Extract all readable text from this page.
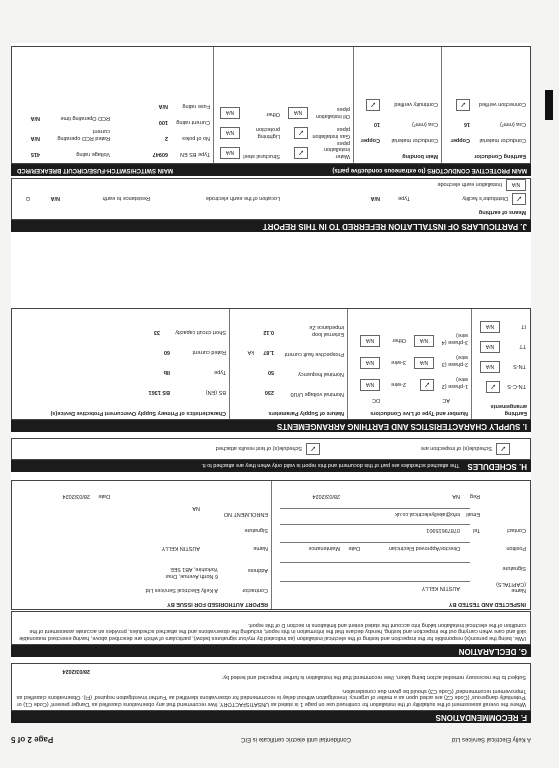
A Kelly Electrical Services Ltd
Confidential until electric certificate is EIC
Page 2 of 5
F. RECOMMENDATIONS
Where the overall assessment of the suitability of the installation for continued use on page 1 is stated as UNSATISFACTORY, I/we recommend that any observations classified as 'Danger present' (Code C1) or 'Potentially dangerous' (Code C2) are acted upon as a matter of urgency. Investigation without delay is recommended for observations identified as 'Further investigation required' (FI). Observations classified as 'Improvement recommended' (Code C3) should be given due consideration.
Subject to the necessary remedial action being taken, I/we recommend that the installation is further inspected and tested by:
28/03/2024
G. DECLARATION
I/We, being the person(s) responsible for the inspection and testing of the electrical installation (as indicated by my/our signatures below), particulars of which are described above, having exercised reasonable skill and care when carrying out the inspection and testing, hereby declare that the information in this report, including the observations and the attached schedules, provides an accurate assessment of the condition of the electrical installation taking into account the stated extent and limitations in section D of this report.
INSPECTED AND TESTED BY
REPORT AUTHORISED FOR ISSUE BY
Name
(CAPITALS)
AUSTIN KELLY
Signature
Position
Director/Approved Electrician
Date
Maintenance
Contact
Tel
07879615901
Email
info@akellyelectrical.co.uk
Reg
NA
Contractor
A Kelly Electrical Services Ltd
Address
6 North Avenue, Drax
Yorkshire, AB1 5EE
Name
AUSTIN KELLY
Signature
ENROLMENT NO
NA
Date
28/03/2024	28/03/2024
H. SCHEDULESThe attached schedules are part of this document and this report is valid only when they are attached to it.
✓
Schedule(s) of inspection are
✓
Schedule(s) of test results attached
I. SUPPLY CHARACTERISTICS AND EARTHING ARRANGEMENTS
Earthing arrangements
TN-C-S
✓
TN-S
N/A
TT
N/A
IT
N/A
Number and Type of Live Conductors
AC
DC
1-phase (2 wire)
✓
2-phase (3 wire)
N/A
3-phase (4 wire)
N/A
2-wire
N/A
3-wire
N/A
Other
N/A
Nature of Supply Parameters
Nominal voltage U/U0
230
Nominal frequency
50
Prospective fault current
1.87
kA
External loop impedance Ze
0.12
Characteristics of Primary Supply Overcurrent Protective Device(s)
BS (EN)
BS 1361
Type
IIb
Rated current
60
Short circuit capacity
33
J. PARTICULARS OF INSTALLATION REFERRED TO IN THIS REPORT
Means of earthing
✓
Distributor's facility
N/A
Installation earth electrode
Type
N/A
Location of the earth electrode
Resistance to earth
N/A
Ω
MAIN PROTECTIVE CONDUCTORS (to extraneous conductive parts)
MAIN SWITCH/SWITCH-FUSE/CIRCUIT BREAKER/RCD
Earthing Conductor
Conductor material
Copper
Csa (mm²)
16
Connection verified
✓
Main bonding
Conductor material
Copper
Csa (mm²)
10
Continuity verified
✓
Water installation pipes
✓
Gas installation pipes
✓
Oil installation pipes
N/A
Structural steel
N/A
Lightning protection
N/A
Other
N/A
Type BS EN
60947
No of poles
2
Current rating
100
Fuse rating
N/A
Voltage rating
415
Rated RCD operating current
N/A
RCD Operating time
N/A
